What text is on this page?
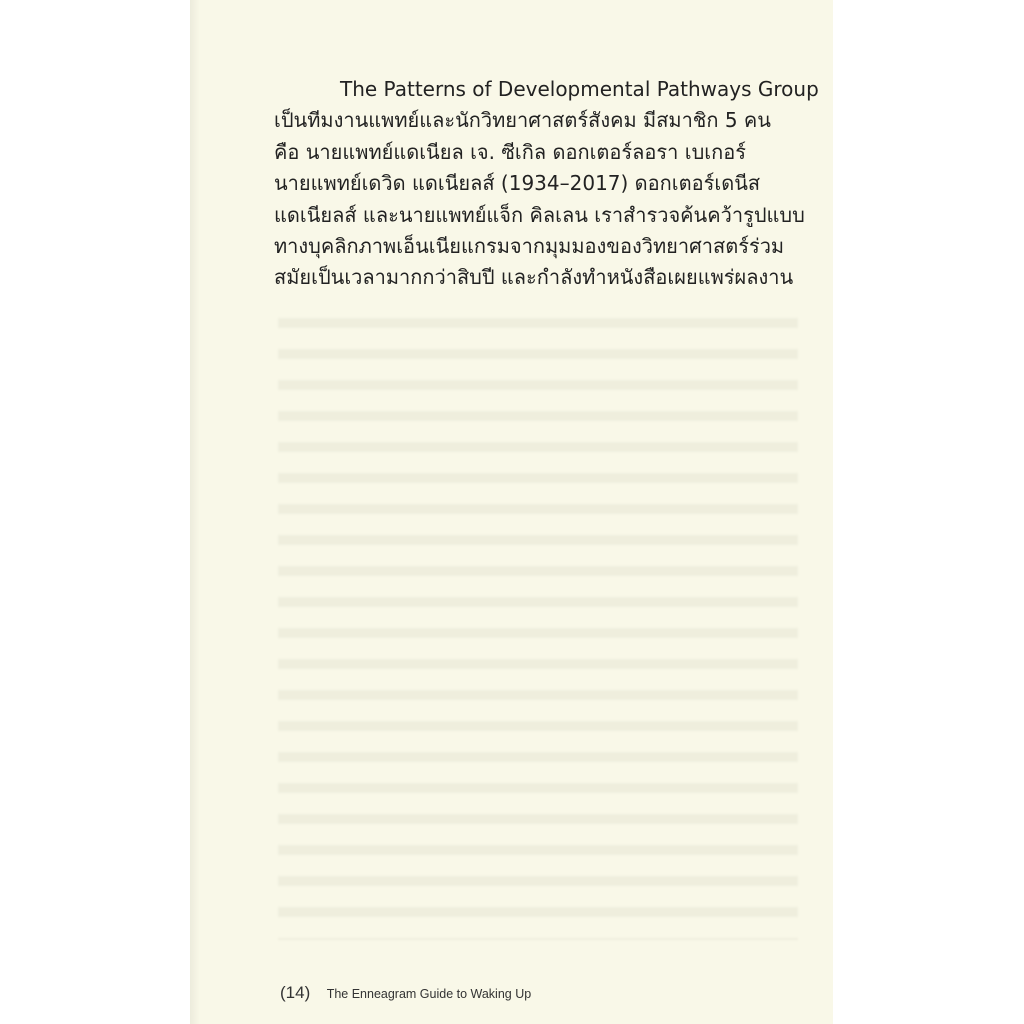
The Patterns of Developmental Pathways Group
เป็นทีมงานแพทย์และนักวิทยาศาสตร์สังคม มีสมาชิก 5 คน
คือ นายแพทย์แดเนียล เจ. ซีเกิล ดอกเตอร์ลอรา เบเกอร์
นายแพทย์เดวิด แดเนียลส์ (1934–2017) ดอกเตอร์เดนีส
แดเนียลส์ และนายแพทย์แจ็ก คิลเลน เราสำรวจค้นคว้ารูปแบบ
ทางบุคลิกภาพเอ็นเนียแกรมจากมุมมองของวิทยาศาสตร์ร่วม
สมัยเป็นเวลามากกว่าสิบปี และกำลังทำหนังสือเผยแพร่ผลงาน

(14) The Enneagram Guide to Waking Up
